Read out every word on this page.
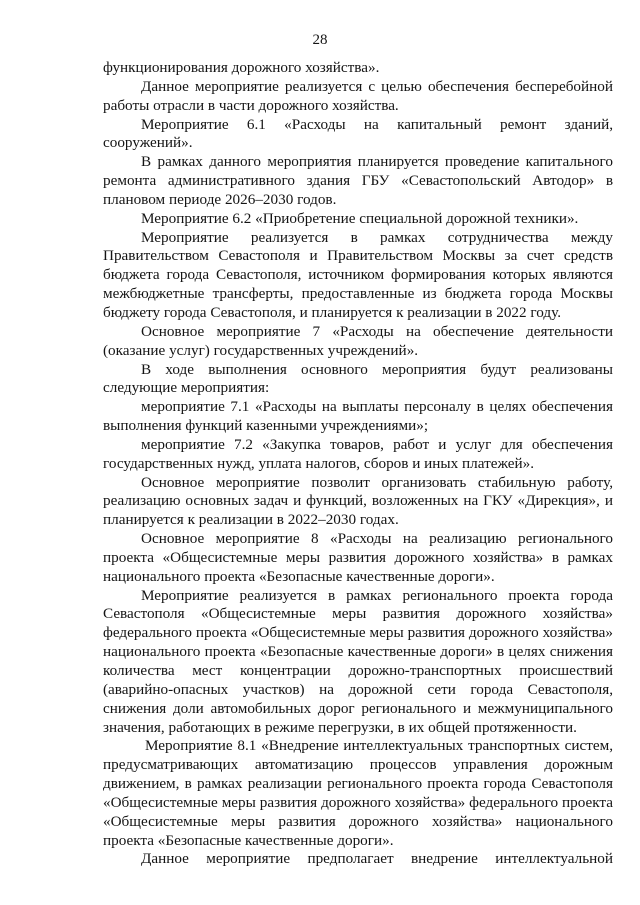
28

функционирования дорожного хозяйства».

Данное мероприятие реализуется с целью обеспечения бесперебойной работы отрасли в части дорожного хозяйства.

Мероприятие 6.1 «Расходы на капитальный ремонт зданий, сооружений».

В рамках данного мероприятия планируется проведение капитального ремонта административного здания ГБУ «Севастопольский Автодор» в плановом периоде 2026–2030 годов.

Мероприятие 6.2 «Приобретение специальной дорожной техники».

Мероприятие реализуется в рамках сотрудничества между Правительством Севастополя и Правительством Москвы за счет средств бюджета города Севастополя, источником формирования которых являются межбюджетные трансферты, предоставленные из бюджета города Москвы бюджету города Севастополя, и планируется к реализации в 2022 году.

Основное мероприятие 7 «Расходы на обеспечение деятельности (оказание услуг) государственных учреждений».

В ходе выполнения основного мероприятия будут реализованы следующие мероприятия:

мероприятие 7.1 «Расходы на выплаты персоналу в целях обеспечения выполнения функций казенными учреждениями»;

мероприятие 7.2 «Закупка товаров, работ и услуг для обеспечения государственных нужд, уплата налогов, сборов и иных платежей».

Основное мероприятие позволит организовать стабильную работу, реализацию основных задач и функций, возложенных на ГКУ «Дирекция», и планируется к реализации в 2022–2030 годах.

Основное мероприятие 8 «Расходы на реализацию регионального проекта «Общесистемные меры развития дорожного хозяйства» в рамках национального проекта «Безопасные качественные дороги».

Мероприятие реализуется в рамках регионального проекта города Севастополя «Общесистемные меры развития дорожного хозяйства» федерального проекта «Общесистемные меры развития дорожного хозяйства» национального проекта «Безопасные качественные дороги» в целях снижения количества мест концентрации дорожно-транспортных происшествий (аварийно-опасных участков) на дорожной сети города Севастополя, снижения доли автомобильных дорог регионального и межмуниципального значения, работающих в режиме перегрузки, в их общей протяженности.

Мероприятие 8.1 «Внедрение интеллектуальных транспортных систем, предусматривающих автоматизацию процессов управления дорожным движением, в рамках реализации регионального проекта города Севастополя «Общесистемные меры развития дорожного хозяйства» федерального проекта «Общесистемные меры развития дорожного хозяйства» национального проекта «Безопасные качественные дороги».

Данное мероприятие предполагает внедрение интеллектуальной
